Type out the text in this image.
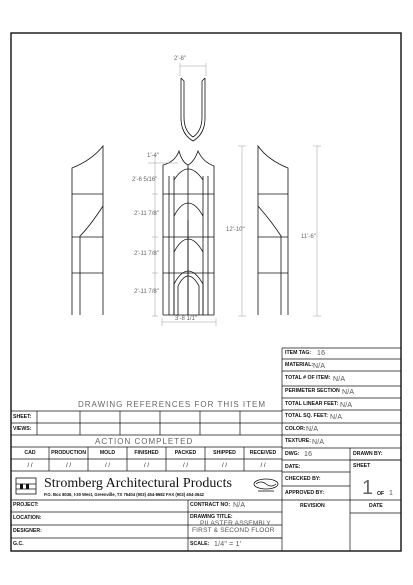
2'-8"
1'-4"
2'-6 5/16"
2'-11 7/8"
2'-11 7/8"
2'-11 7/8"
3'-8 1/1"
12'-10"
11'-6"
DRAWING REFERENCES FOR THIS ITEM
SHEET:
VIEWS:
ACTION COMPLETED
CAD	PRODUCTION	MOLD	FINISHED	PACKED	SHIPPED	RECEIVED
/ /	/ /	/ /	/ /	/ /	/ /	/ /
Stromberg Architectural Products
P.O. Box 8036, I-30 West, Greenville, TX 75404 (903) 454-8682 FAX (903) 454-3642
PROJECT:
LOCATION:
DESIGNER:
G.C.
CONTRACT NO: N/A
DRAWING TITLE:
PILASTER ASSEMBLY
FIRST & SECOND FLOOR
SCALE: 1/4" = 1'
REVISION	DATE
ITEM TAG: 16
MATERIAL: N/A
TOTAL # OF ITEM: N/A
PERIMETER SECTION N/A
TOTAL LINEAR FEET: N/A
TOTAL SQ. FEET: N/A
COLOR: N/A
TEXTURE: N/A
DWG: 16	DRAWN BY:
DATE:	SHEET
1 OF 1
CHECKED BY:
APPROVED BY:
